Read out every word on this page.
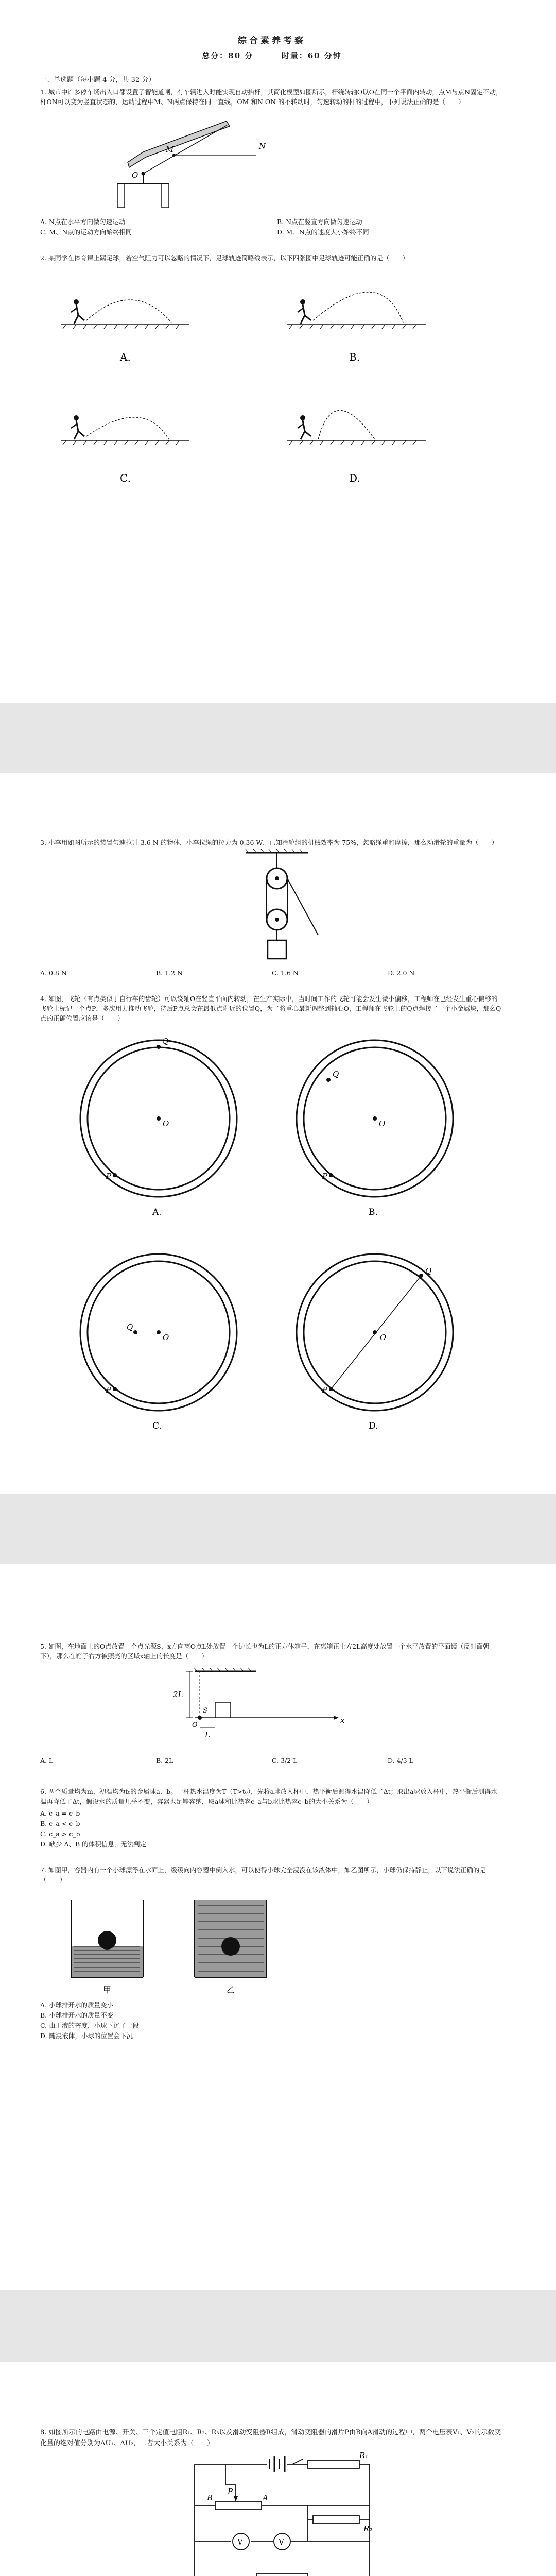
综合素养考察
总分：80 分	时量：60 分钟
一、单选题（每小题 4 分，共 32 分）
1. 城市中许多停车场出入口都设置了智能道闸，有车辆进入时能实现自动抬杆，其简化模型如图所示，杆绕转轴O以O在同一个平面内转动，点M与点N固定不动，杆ON可以变为竖直状态的，运动过程中M、N两点保持在同一直线，OM 和N ON 的不转动时，匀速转动的杆的过程中，下列说法正确的是（　　）
M	N
O
A. N点在水平方向做匀速运动	B. N点在竖直方向做匀速运动
C. M、N点的运动方向始终相同	D. M、N点的速度大小始终不同
2. 某同学在体育课上踢足球，若空气阻力可以忽略的情况下，足球轨迹简略线表示，以下四张图中足球轨迹可能正确的是（　　）
A.	B.
C.	D.
3. 小李用如图所示的装置匀速拉升 3.6 N 的物体，小李拉绳的拉力为 0.36 W，已知滑轮组的机械效率为 75%，忽略绳重和摩擦，那么动滑轮的重量为（　　）
A. 0.8 N	B. 1.2 N	C. 1.6 N	D. 2.0 N
4. 如图，飞轮（有点类似于自行车的齿轮）可以绕轴O在竖直平面内转动，在生产实际中，当时间工作的飞轮可能会发生微小偏移，工程师在已经发生重心偏移的飞轮上标记一个点P，多次用力推动飞轮，待后P点总会在最低点附近的位置Q，为了将重心最新调整到轴心O，工程师在飞轮上的Q点焊接了一个小金属块，那么Q点的正确位置应该是（　　）
Q
O
P
A.
Q
O
P
B.
Q
O
P
C.
Q
O
P
D.
5. 如图，在地面上的O点放置一个点光源S，x方向离O点L处放置一个边长也为L的正方体箱子，在离箱正上方2L高度处放置一个水平放置的平面镜（反射面朝下），那么在箱子右方被照亮的区域x轴上的长度是（　　）
2L
L
x
O
S
A. L	B. 2L	C. 3/2 L	D. 4/3 L
6. 两个质量均为m，初温均为t₀的金属球a、b。一杯热水温度为T（T>t₀），先将a球放入杯中，热平衡后测得水温降低了Δt；取出a球放入杯中，热平衡后测得水温再降低了Δt，假设水的质量几乎不变，容器也足够容纳，取a球和比热容c_a与b球比热容c_b的大小关系为（　　）
A. c_a = c_b
B. c_a < c_b
C. c_a > c_b
D. 缺少 A、B 的体积信息，无法判定
7. 如图甲，容器内有一个小球漂浮在水面上，缓缓向内容器中倒入水，可以使得小球完全浸没在该液体中，如乙图所示，小球仍保持静止，以下说法正确的是（　　）
甲	乙
A. 小球排开水的质量变小
B. 小球排开水的质量不变
C. 由于液的密度，小球下沉了一段
D. 随浸液体，小球的位置会下沉
8. 如图所示的电路由电源、开关、三个定值电阻R₁、R₂、R₃以及滑动变阻器R组成，滑动变阻器的滑片P由B向A滑动的过程中，两个电压表V₁、V₂的示数变化量的绝对值分别为ΔU₁、ΔU₂，二者大小关系为（　　）
R₁
R₂
P
B	A
V	V
